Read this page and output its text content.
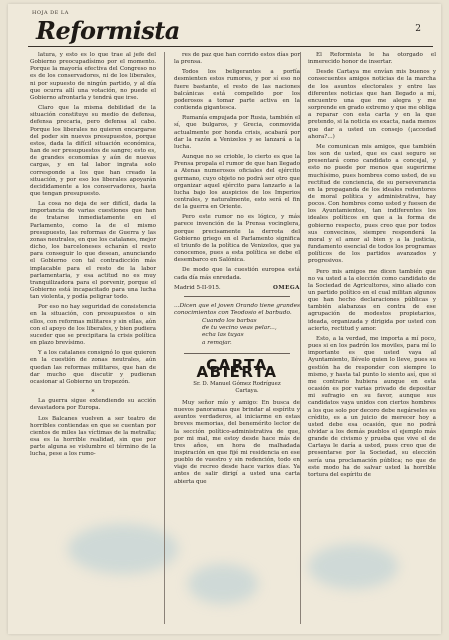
HOJA DE LA
Reformista	2

latura, y esto es lo que trae al jefe del Gobierno preocupadísimo por el momento. Porque la mayoría efectiva del Congreso no es de los conservadores, ni de los liberales, ni por supuesto de ningún partido, y al día que ocurra allí una votación, no puede el Gobierno afrontarla y tendrá que irse.

Claro que la misma debilidad de la situación constituye su medio de defensa, defensa precaria, pero defensa al cabo. Porque los liberales no quieren encargarse del poder sin nuevos presupuestos, porque estos, dada la difícil situación económica, han de ser presupuestos de sangre; esto es, de grandes economías y aún de nuevas cargas, y en tal labor ingrata solo corresponde a los que han creado la situación, y por eso los liberales apoyarán decididamente a los conservadores, hasta que tengan presupuesto.

La cosa no deja de ser difícil, dada la importancia de varias cuestiones que han de tratarse inmediatamente en el Parlamento, como la de el mismo presupuesto, las reformas de Guerra y las zonas neutrales, en que los catalanes, mejor dicho, los barceloneses echarán el resto para conseguir lo que desean, anunciando el Gobierno con tal contradicción más implacable para el resto de la labor parlamentaria, y esa actitud no es muy tranquilizadora para el porvenir, porque el Gobierno está incapacitado para una lucha tan violenta, y podía peligrar todo.

Por eso no hay seguridad de consistencia en la situación, con presupuestos o sin ellos, con reformas militares y sin ellas, aún con el apoyo de los liberales, y bien pudiera suceder que se precipitara la crisis política en plazo brevísimo.

Y a los catalanes consignó lo que quieren en la cuestión de zonas neutrales, aún quedan las reformas militares, que han de dar mucho que discutir y pudieran ocasionar al Gobierno un tropezón.

*

La guerra sigue extendiendo su acción devastadora por Europa.

Los Balcanes vuelven a ser teatro de horribles contiendas en que se cuentan por cientos de miles las víctimas de la metralla; esa es la horrible realidad, sin que por parte alguna se vislumbre el término de la lucha, pese a los rumo-

res de paz que han corrido estos días por la prensa.

Todos los beligerantes a porfía desmienten estos rumores, y por sí eso no fuere bastante, el resto de las naciones balcánicas está compelido por los poderosos a tomar parte activa en la contienda gigantesca.

Rumanía empujada por Rusia, también el sí, que bulgaros, y Grecia, conmovida actualmente por honda crisis, acabará por dar la razón a Venizelos y se lanzará a la lucha.

Aunque no se crioble, lo cierto es que la Prensa propala el rumor de que han llegado a Atenas numerosos oficiales del ejército germano, cuyo objeto no podrá ser otro que organizar aquel ejército para lanzarlo a la lucha bajo los auspicios de los Imperios centrales, y naturalmente, esto será el fin de la guerra en Oriente.

Pero este rumor no es lógico, y más parece invención de la Prensa vocinglera, porque precisamente la derrota del Gobierno griego en el Parlamento significa el triunfo de la política de Venizelos, que ya conocemos, pues a esta política se debe el desembarco en Salónica.

De modo que la cuestión europea está cada día más enredada.

Madrid 5-II-915.	OMEGA
...Dicen que el joven Orando tiene grandes conocimientos con Teodosio el barbudo.
Cuando los barbas
de tu vecino veas pelar...,
echa las tuyas
a remojar.
CARTA ABIERTA
Sr. D. Manuel Gómez Rodríguez
Cartaya.

Muy señor mío y amigo: En busca de nuevos panoramas que brindar al espíritu y asuntos verdaderos, al iniciarme en estas breves memorias, del benemérito lector de la sección político-administrativa de que, por mi mal, me estoy desde hace más de tres años, en hora de malhadada inspiración en que fijé mi residencia en ese pueblo de vuestro y sin redención, todo en viaje de recreo desde hace varios días. Ya antes de salir dirigí a usted una carta abierta que

El Reformista le ha otorgado el inmerecido honor de insertar.

Desde Cartaya me envían mis buenos y consecuentes amigos noticias de la marcha de los asuntos electorales y entre las diferentes noticias que han llegado a mí, encuentro una que me alegra y me sorprende en grado extremo y que me obliga a reparar con esta carta y en la que pretendo, si la noticia es exacta, nada menos que dar a usted un consejo (¡accedad ahora?...)

Me comunican mis amigos, que también los son de usted, que es casi seguro se presentará como candidato a concejal, y esto no puede por menos que sugerirme muchísimo, pues hombres como usted, de su rectitud de conciencia, de su perseverancia en la propaganda de los ideales redentores de moral política y administrativa, hay pocos. Con hombres como usted y fuesen de los Ayuntamientos, tan indiferentes los ideales políticos en que a la forma de gobierno respecto, pues creo que por todos sus convecinos, siempre responderá la moral y el amor al bien y a la justicia, fundamento esencial de todos los programas políticos de los partidos avanzados y progresivos.

Pero mis amigos me dicen también que no va usted a la elección como candidato de la Sociedad de Agricultores, sino aliado con un partido político en el cual militan algunos que han hecho declaraciones públicas y también alabanzas en contra de ese agrupación de modestos propietarios, ideada, organizada y dirigida por usted con acierto, rectitud y amor.

Esto, a la verdad, me importa a mí poco, pues si en los padrón los moviles, para mí lo importante es que usted vaya al Ayuntamiento, llévelo quien lo lleve, pues su gestión ha de responder con siempre lo mismo, y hasta tal punto lo siento así, que si me contrario hubiera aunque en esta ocasión es por varias privado de depositar mi sufragio en su favor, aunque sus candidatos vaya unidos con ciertos hombres a los que solo por decoro debe negárseles su crédito, es a un juicio de merecer hoy a usted debe esa ocasión, que no podrá olvidar a los demás pueblos el ejemplo más grande de civismo y prueba que vive el de Cartaya le daría a usted, pues creo que de presentarse por la Sociedad, su elección sería una proclamación pública; no que de este modo ha de salvar usted la horrible tortura del espíritu de
